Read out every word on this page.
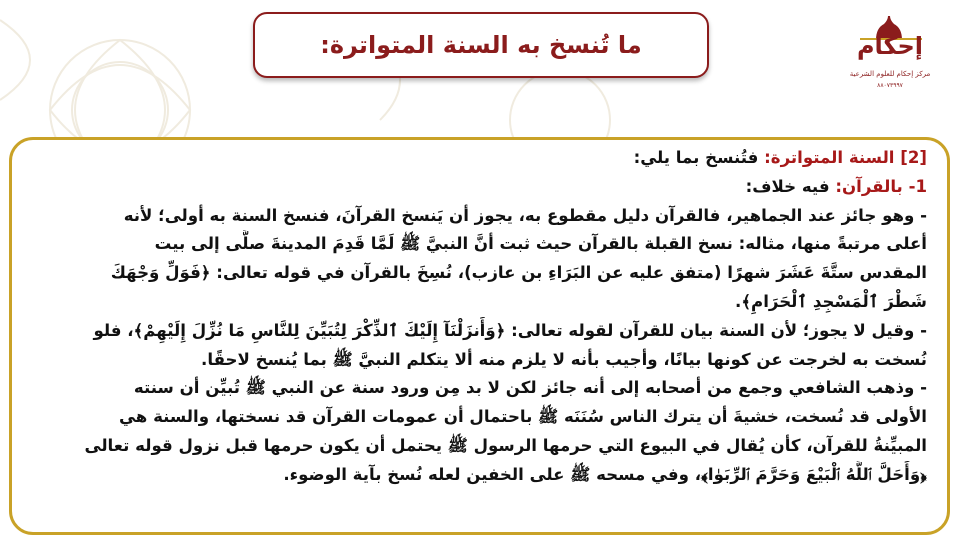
ما تُنسخ به السنة المتواترة:	إحكام
مركز إحكام للعلوم الشرعية
٨٨٠٧٣٩٩٧
[2] السنة المتواترة: فتُنسخ بما يلي:
1- بالقرآن: فيه خلاف:
- وهو جائز عند الجماهير، فالقرآن دليل مقطوع به، يجوز أن يَنسخ القرآنَ، فنسخ السنة به أولى؛ لأنه
أعلى مرتبةً منها، مثاله: نسخ القبلة بالقرآن حيث ثبت أنَّ النبيَّ ﷺ لَمَّا قَدِمَ المدينةَ صلَّى إلى بيت
المقدس ستَّةَ عَشَرَ شهرًا (متفق عليه عن البَرَاءِ بن عازب)، نُسِخَ بالقرآن في قوله تعالى: ﴿فَوَلِّ وَجْهَكَ
شَطْرَ ٱلْمَسْجِدِ ٱلْحَرَامِ﴾.
- وقيل لا يجوز؛ لأن السنة بيان للقرآن لقوله تعالى: ﴿وَأَنزَلْنَآ إِلَيْكَ ٱلذِّكْرَ لِتُبَيِّنَ لِلنَّاسِ مَا نُزِّلَ إِلَيْهِمْ﴾، فلو
نُسخت به لخرجت عن كونها بيانًا، وأجيب بأنه لا يلزم منه ألا يتكلم النبيَّ ﷺ بما يُنسخ لاحقًا.
- وذهب الشافعي وجمع من أصحابه إلى أنه جائز لكن لا بد مِن ورود سنة عن النبي ﷺ تُبيِّن أن سنته
الأولى قد نُسخت، خشيةَ أن يترك الناس سُنَنَه ﷺ باحتمال أن عمومات القرآن قد نسختها، والسنة هي
المبيِّنةُ للقرآن، كأن يُقال في البيوع التي حرمها الرسول ﷺ يحتمل أن يكون حرمها قبل نزول قوله تعالى
﴿وَأَحَلَّ ٱللَّهُ ٱلْبَيْعَ وَحَرَّمَ ٱلرِّبَوٰا﴾، وفي مسحه ﷺ على الخفين لعله نُسخ بآية الوضوء.
